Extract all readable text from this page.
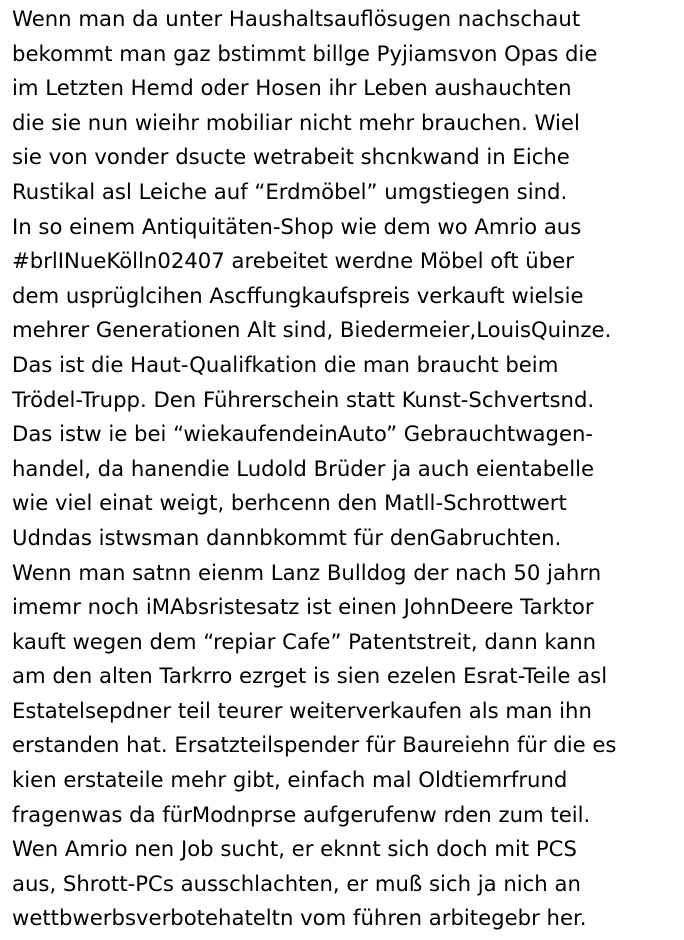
Wenn man da unter Haushaltsauflösugen nachschaut
bekommt man gaz bstimmt billge Pyjiamsvon Opas die
im Letzten Hemd oder Hosen ihr Leben aushauchten
die sie nun wieihr mobiliar nicht mehr brauchen. Wiel
sie von vonder dsucte wetrabeit shcnkwand in Eiche
Rustikal asl Leiche auf “Erdmöbel” umgstiegen sind.
In so einem Antiquitäten-Shop wie dem wo Amrio aus
#brlINueKölln02407 arebeitet werdne Möbel oft über
dem usprüglcihen Ascffungkaufspreis verkauft wielsie
mehrer Generationen Alt sind, Biedermeier,LouisQuinze.
Das ist die Haut-Qualifkation die man braucht beim
Trödel-Trupp. Den Führerschein statt Kunst-Schvertsnd.
Das istw ie bei “wiekaufendeinAuto” Gebrauchtwagen-
handel, da hanendie Ludold Brüder ja auch eientabelle
wie viel einat weigt, berhcenn den Matll-Schrottwert
Udndas istwsman dannbkommt für denGabruchten.
Wenn man satnn eienm Lanz Bulldog der nach 50 jahrn
imemr noch iMAbsristesatz ist einen JohnDeere Tarktor
kauft wegen dem “repiar Cafe” Patentstreit, dann kann
am den alten Tarkrro ezrget is sien ezelen Esrat-Teile asl
Estatelsepdner teil teurer weiterverkaufen als man ihn
erstanden hat. Ersatzteilspender für Baureiehn für die es
kien erstateile mehr gibt, einfach mal Oldtiemrfrund
fragenwas da fürModnprse aufgerufenw rden zum teil.
Wen Amrio nen Job sucht, er eknnt sich doch mit PCS
aus, Shrott-PCs ausschlachten, er muß sich ja nich an
wettbwerbsverbotehateltn vom führen arbitegebr her.
